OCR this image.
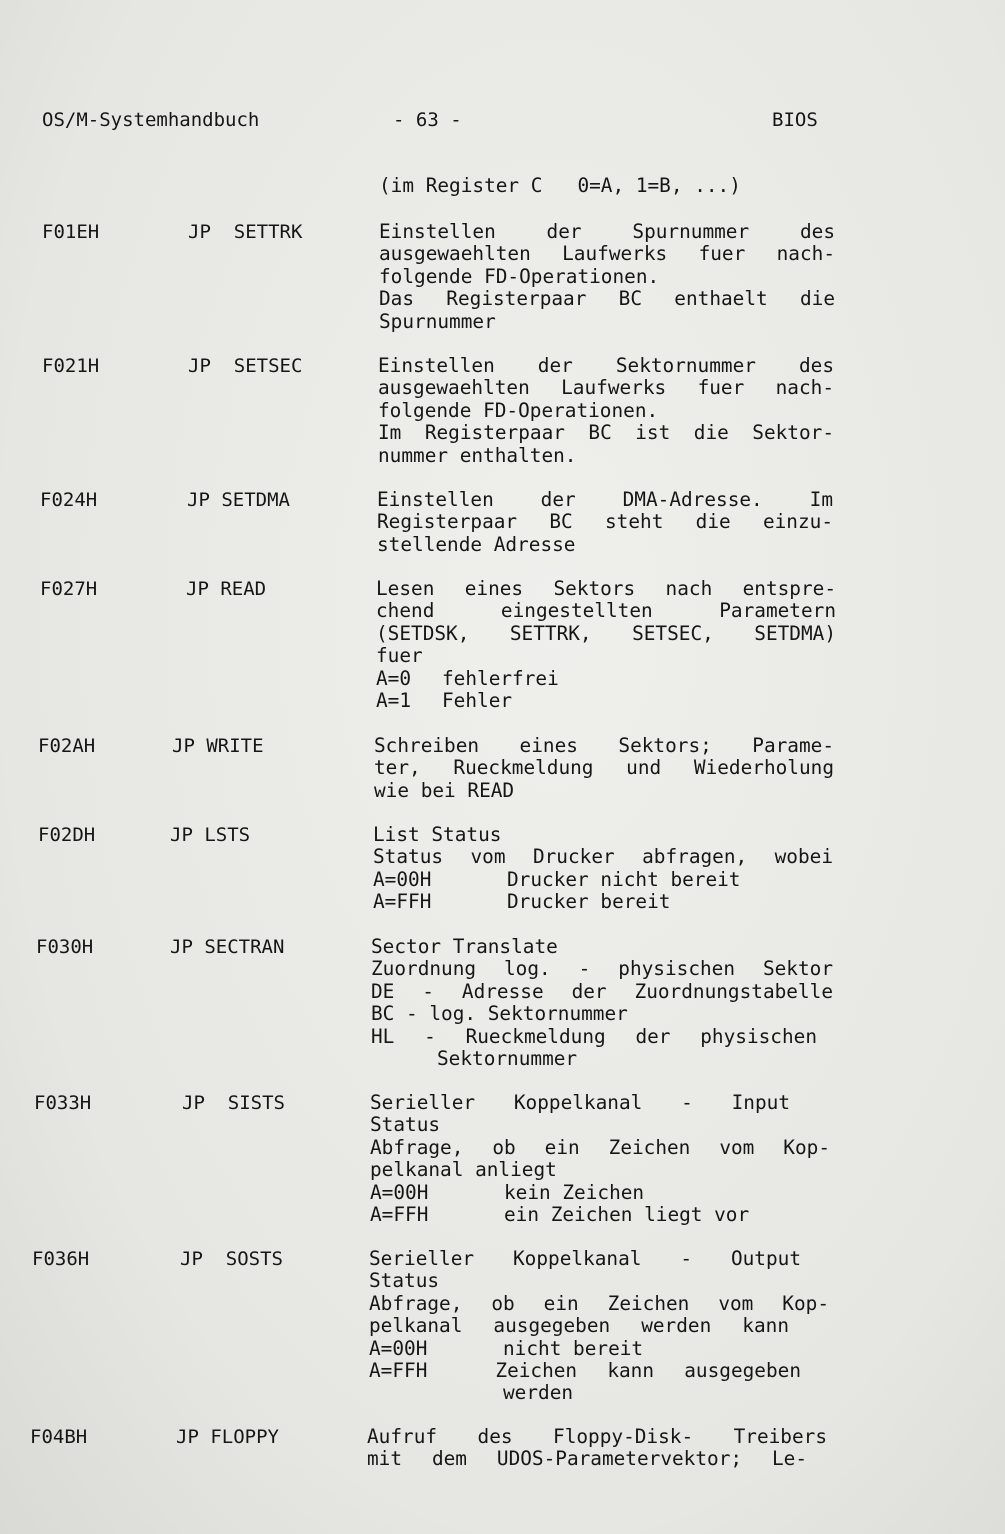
OS/M-Systemhandbuch	- 63 -	BIOS
(im Register C   0=A, 1=B, ...)
F01EH	JP  SETTRK	Einstellen der Spurnummer des
ausgewaehlten Laufwerks fuer nach-
folgende FD-Operationen.
Das Registerpaar BC enthaelt die
Spurnummer
F021H	JP  SETSEC	Einstellen der Sektornummer des
ausgewaehlten Laufwerks fuer nach-
folgende FD-Operationen.
Im Registerpaar BC ist die Sektor-
nummer enthalten.
F024H	JP SETDMA	Einstellen der DMA-Adresse. Im
Registerpaar BC steht die einzu-
stellende Adresse
F027H	JP READ	Lesen eines Sektors nach entspre-
chend eingestellten Parametern
(SETDSK, SETTRK, SETSEC, SETDMA)
fuer
A=0	fehlerfrei
A=1	Fehler
F02AH	JP WRITE	Schreiben eines Sektors; Parame-
ter, Rueckmeldung und Wiederholung
wie bei READ
F02DH	JP LSTS	List Status
Status vom Drucker abfragen, wobei
A=00H	Drucker nicht bereit
A=FFH	Drucker bereit
F030H	JP SECTRAN	Sector Translate
Zuordnung log. - physischen Sektor
DE - Adresse der Zuordnungstabelle
BC - log. Sektornummer
HL - Rueckmeldung der physischen
Sektornummer
F033H	JP  SISTS	Serieller Koppelkanal - Input
Status
Abfrage, ob ein Zeichen vom Kop-
pelkanal anliegt
A=00H	kein Zeichen
A=FFH	ein Zeichen liegt vor
F036H	JP  SOSTS	Serieller Koppelkanal - Output
Status
Abfrage, ob ein Zeichen vom Kop-
pelkanal ausgegeben werden kann
A=00H	nicht bereit
A=FFH	Zeichen kann ausgegeben
werden
F04BH	JP FLOPPY	Aufruf des Floppy-Disk- Treibers
mit dem UDOS-Parametervektor; Le-
